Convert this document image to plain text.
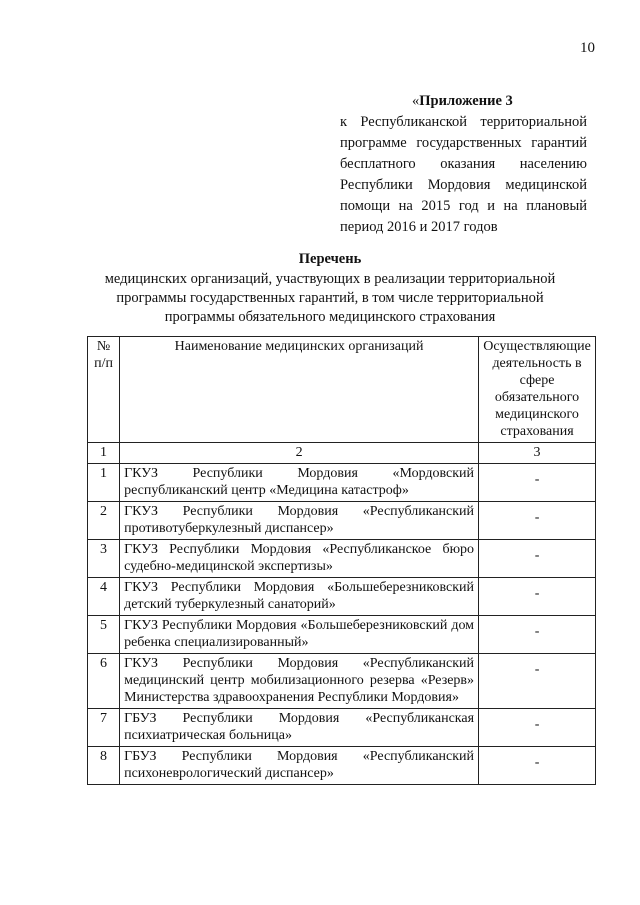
10
«Приложение 3
к Республиканской территориальной
программе государственных гарантий
бесплатного оказания населению
Республики Мордовия медицинской
помощи на 2015 год и на плановый
период 2016 и 2017 годов
Перечень
медицинских организаций, участвующих в реализации территориальной
программы государственных гарантий, в том числе территориальной
программы обязательного медицинского страхования
№ п/п	Наименование медицинских организаций	Осуществляющие деятельность в сфере обязательного медицинского страхования
1	2	3
1	ГКУЗ Республики Мордовия «Мордовский республиканский центр «Медицина катастроф»	-
2	ГКУЗ Республики Мордовия «Республиканский противотуберкулезный диспансер»	-
3	ГКУЗ Республики Мордовия «Республиканское бюро судебно-медицинской экспертизы»	-
4	ГКУЗ Республики Мордовия «Большеберезниковский детский туберкулезный санаторий»	-
5	ГКУЗ Республики Мордовия «Большеберезниковский дом ребенка специализированный»	-
6	ГКУЗ Республики Мордовия «Республиканский медицинский центр мобилизационного резерва «Резерв» Министерства здравоохранения Республики Мордовия»	-
7	ГБУЗ Республики Мордовия «Республиканская психиатрическая больница»	-
8	ГБУЗ Республики Мордовия «Республиканский психоневрологический диспансер»	-
